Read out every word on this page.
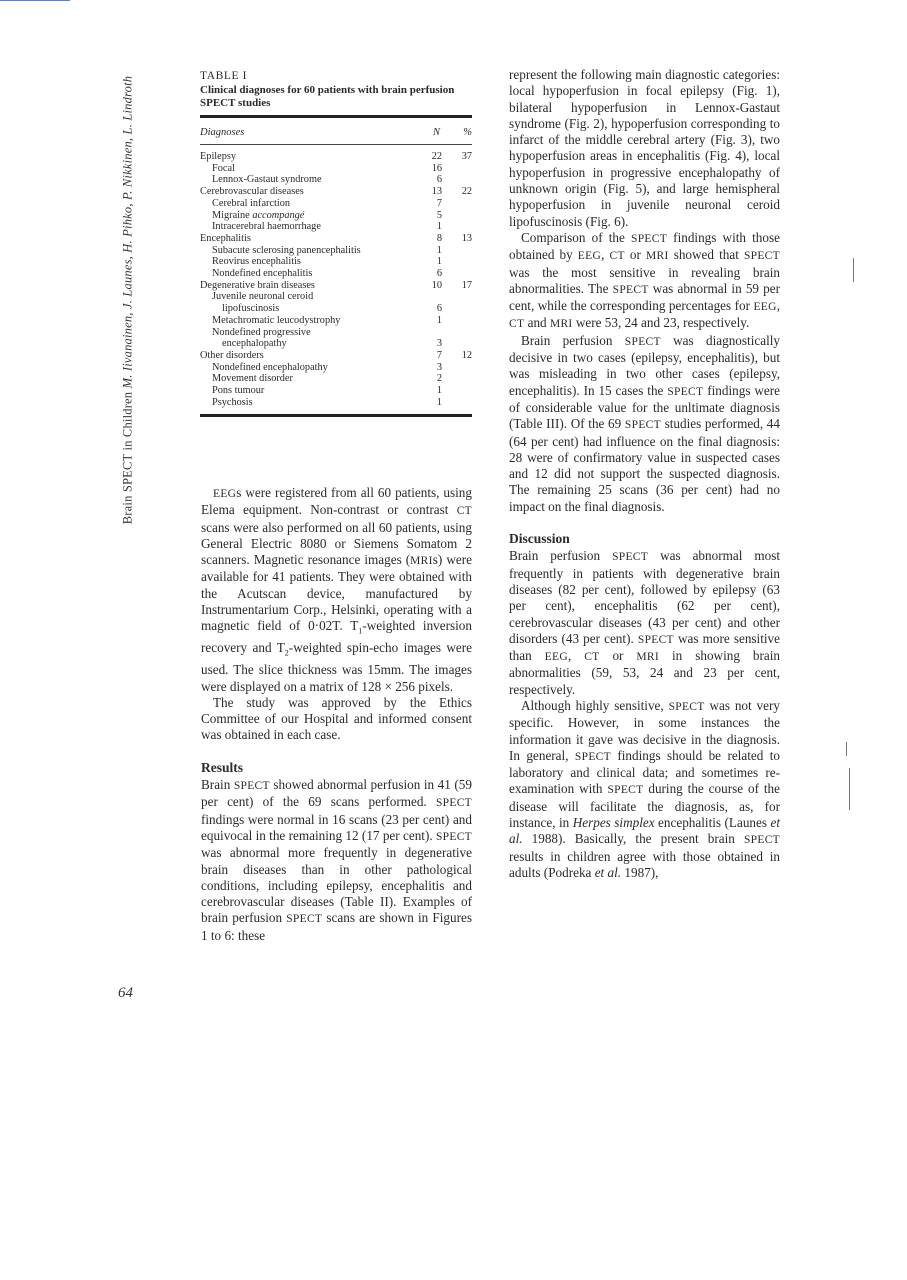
Brain SPECT in Children M. Iivanainen, J. Launes, H. Pihko, P. Nikkinen, L. Lindroth
64
TABLE I
Clinical diagnoses for 60 patients with brain perfusion SPECT studies
Diagnoses	N	%
Epilepsy	22	37
Focal	16	
Lennox-Gastaut syndrome	6	
Cerebrovascular diseases	13	22
Cerebral infarction	7	
Migraine accompangé	5	
Intracerebral haemorrhage	1	
Encephalitis	8	13
Subacute sclerosing panencephalitis	1	
Reovirus encephalitis	1	
Nondefined encephalitis	6	
Degenerative brain diseases	10	17
Juvenile neuronal ceroid		
lipofuscinosis	6	
Metachromatic leucodystrophy	1	
Nondefined progressive		
encephalopathy	3	
Other disorders	7	12
Nondefined encephalopathy	3	
Movement disorder	2	
Pons tumour	1	
Psychosis	1	

EEGs were registered from all 60 patients, using Elema equipment. Non-contrast or contrast CT scans were also performed on all 60 patients, using General Electric 8080 or Siemens Somatom 2 scanners. Magnetic resonance images (MRIs) were available for 41 patients. They were obtained with the Acutscan device, manufactured by Instrumentarium Corp., Helsinki, operating with a magnetic field of 0·02T. $T_1$-weighted inversion recovery and $T_2$-weighted spin-echo images were used. The slice thickness was 15mm. The images were displayed on a matrix of 128 × 256 pixels.

The study was approved by the Ethics Committee of our Hospital and informed consent was obtained in each case.

Results

Brain SPECT showed abnormal perfusion in 41 (59 per cent) of the 69 scans performed. SPECT findings were normal in 16 scans (23 per cent) and equivocal in the remaining 12 (17 per cent). SPECT was abnormal more frequently in degenerative brain diseases than in other pathological conditions, including epilepsy, encephalitis and cerebrovascular diseases (Table II). Examples of brain perfusion SPECT scans are shown in Figures 1 to 6: these

represent the following main diagnostic categories: local hypoperfusion in focal epilepsy (Fig. 1), bilateral hypoperfusion in Lennox-Gastaut syndrome (Fig. 2), hypoperfusion corresponding to infarct of the middle cerebral artery (Fig. 3), two hypoperfusion areas in encephalitis (Fig. 4), local hypoperfusion in progressive encephalopathy of unknown origin (Fig. 5), and large hemispheral hypoperfusion in juvenile neuronal ceroid lipofuscinosis (Fig. 6).

Comparison of the SPECT findings with those obtained by EEG, CT or MRI showed that SPECT was the most sensitive in revealing brain abnormalities. The SPECT was abnormal in 59 per cent, while the corresponding percentages for EEG, CT and MRI were 53, 24 and 23, respectively.

Brain perfusion SPECT was diagnostically decisive in two cases (epilepsy, encephalitis), but was misleading in two other cases (epilepsy, encephalitis). In 15 cases the SPECT findings were of considerable value for the unltimate diagnosis (Table III). Of the 69 SPECT studies performed, 44 (64 per cent) had influence on the final diagnosis: 28 were of confirmatory value in suspected cases and 12 did not support the suspected diagnosis. The remaining 25 scans (36 per cent) had no impact on the final diagnosis.

Discussion

Brain perfusion SPECT was abnormal most frequently in patients with degenerative brain diseases (82 per cent), followed by epilepsy (63 per cent), encephalitis (62 per cent), cerebrovascular diseases (43 per cent) and other disorders (43 per cent). SPECT was more sensitive than EEG, CT or MRI in showing brain abnormalities (59, 53, 24 and 23 per cent, respectively.

Although highly sensitive, SPECT was not very specific. However, in some instances the information it gave was decisive in the diagnosis. In general, SPECT findings should be related to laboratory and clinical data; and sometimes re-examination with SPECT during the course of the disease will facilitate the diagnosis, as, for instance, in Herpes simplex encephalitis (Launes et al. 1988). Basically, the present brain SPECT results in children agree with those obtained in adults (Podreka et al. 1987),
